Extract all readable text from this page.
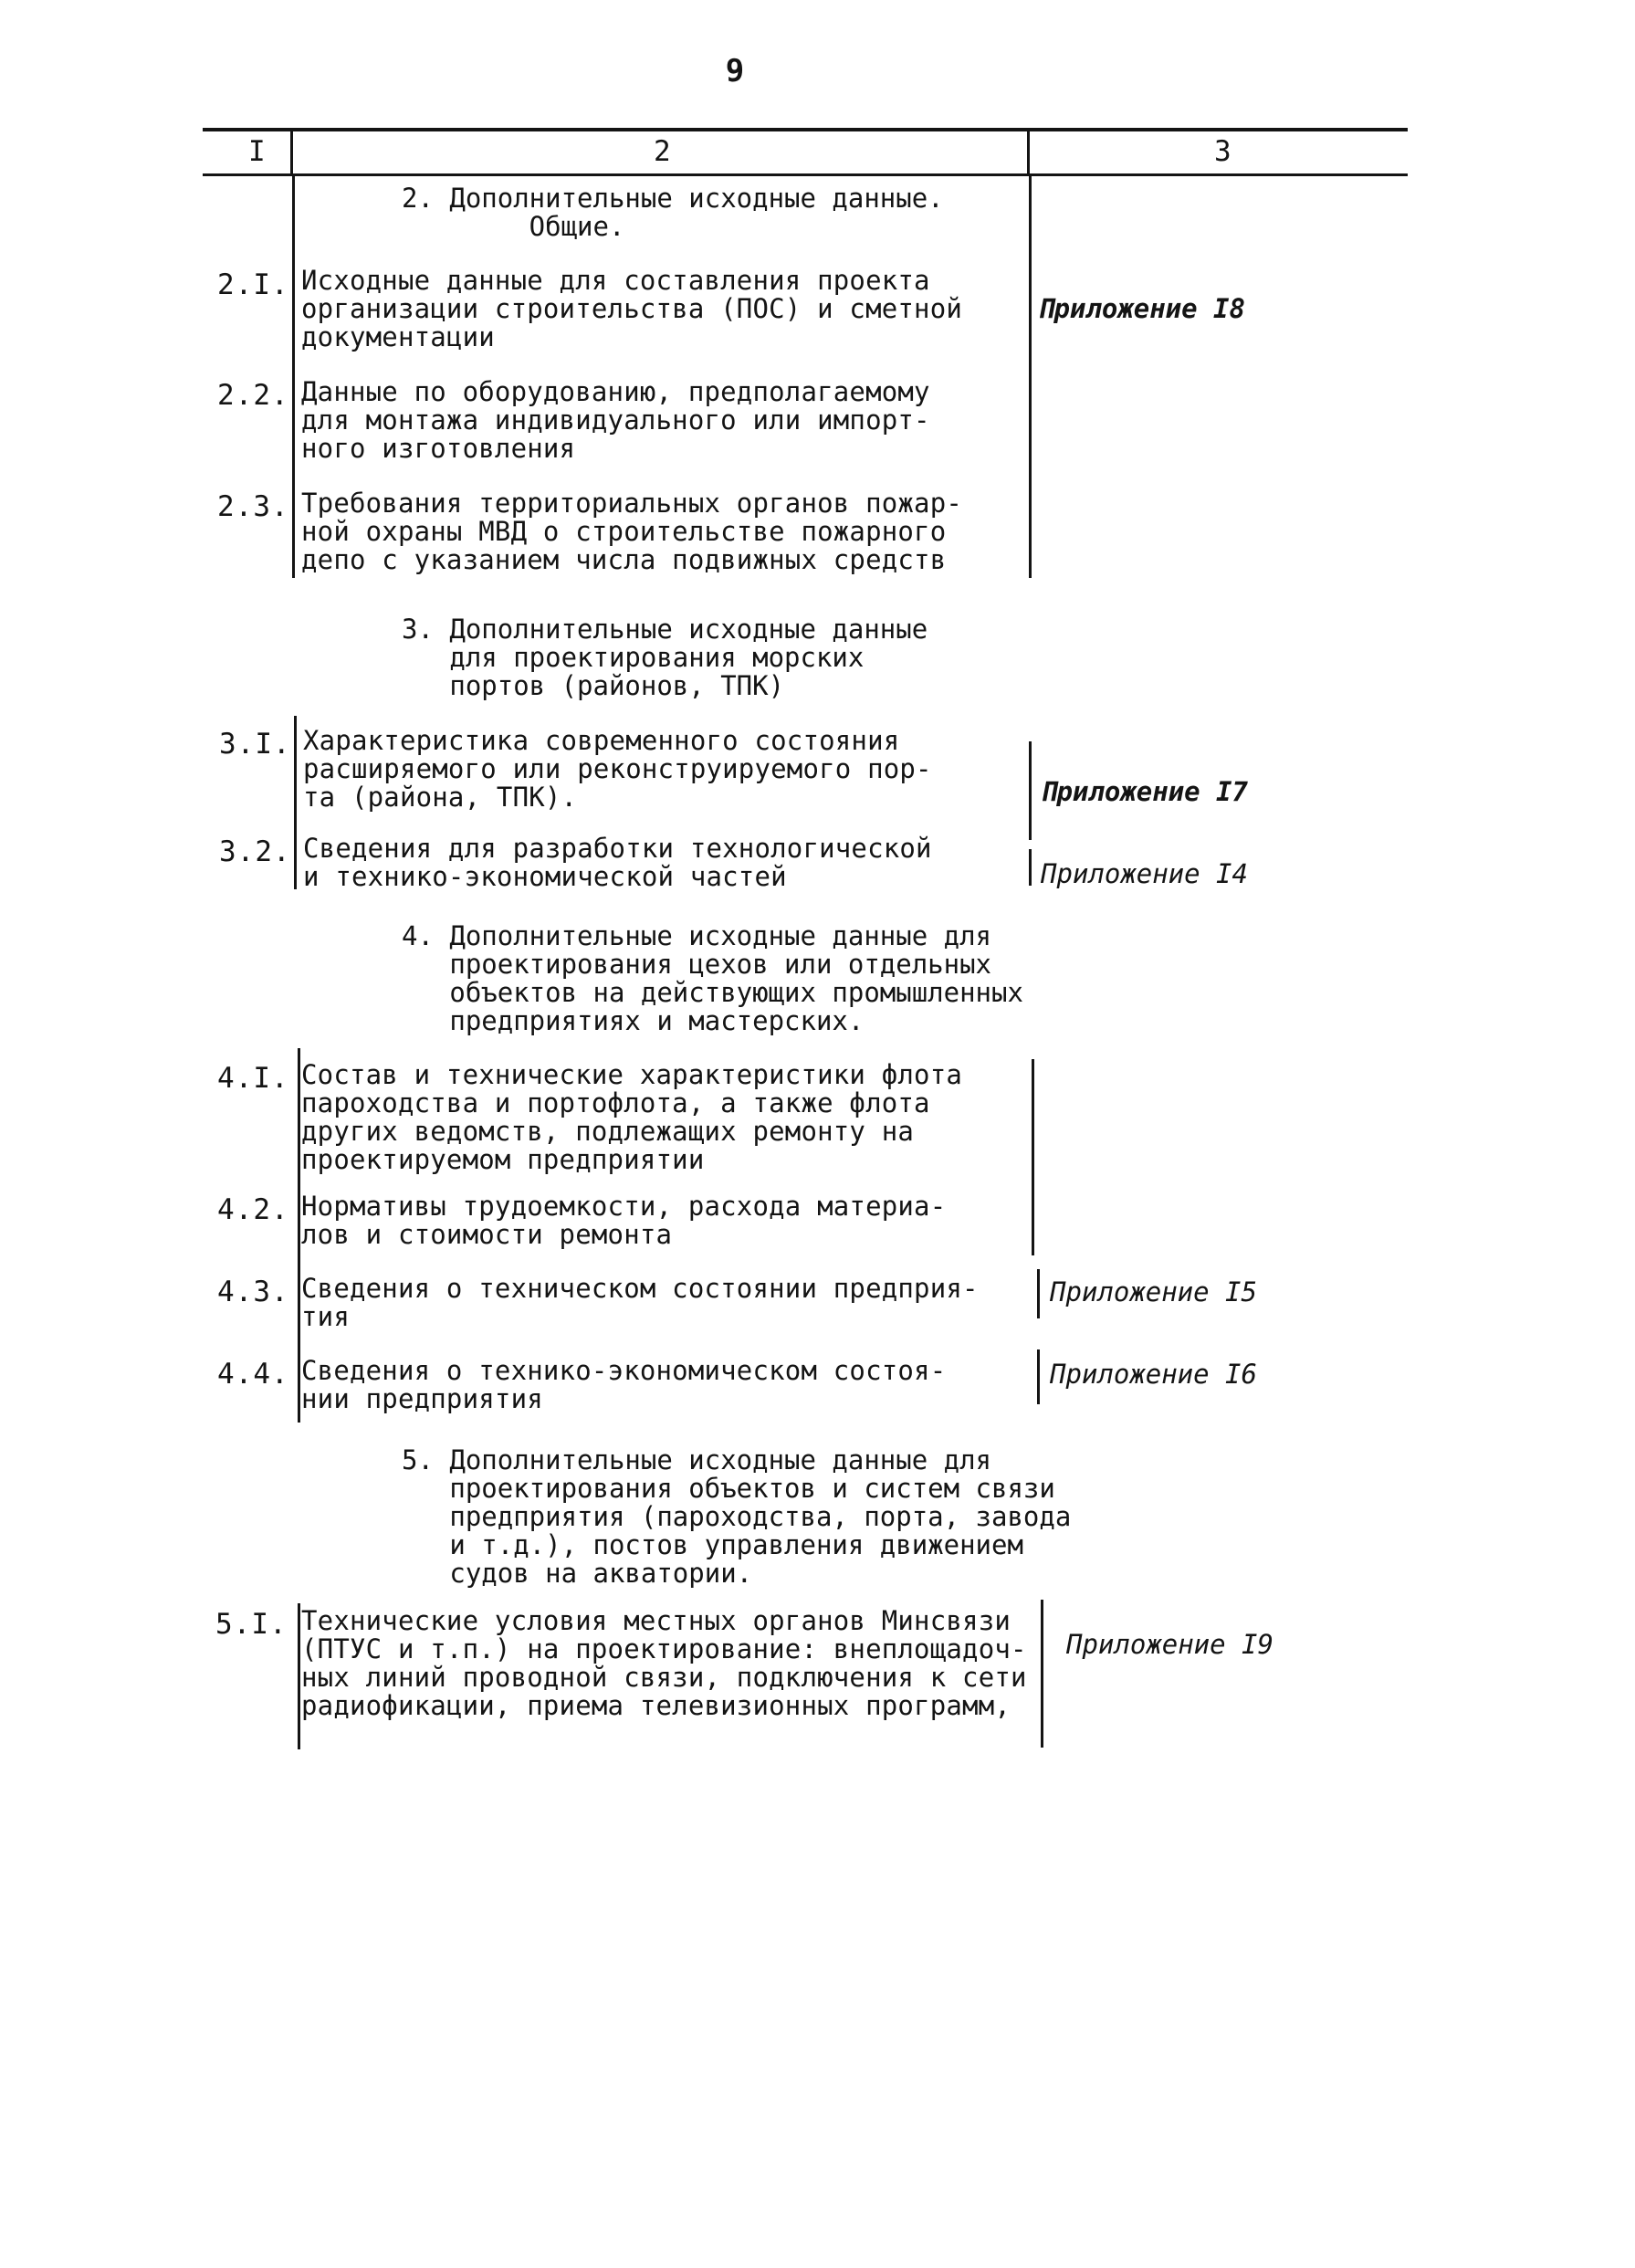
9
I	2	3
2. Дополнительные исходные данные.
Общие.
2.I. Исходные данные для составления проекта
организации строительства (ПОС) и сметной
документации
Приложение I8
2.2. Данные по оборудованию, предполагаемому
для монтажа индивидуального или импорт-
ного изготовления
2.3. Требования территориальных органов пожар-
ной охраны МВД о строительстве пожарного
депо с указанием числа подвижных средств
3. Дополнительные исходные данные
для проектирования морских
портов (районов, ТПК)
3.I. Характеристика современного состояния
расширяемого или реконструируемого пор-
та (района, ТПК).	Приложение I7
3.2. Сведения для разработки технологической
и технико-экономической частей	Приложение I4
4. Дополнительные исходные данные для
проектирования цехов или отдельных
объектов на действующих промышленных
предприятиях и мастерских.
4.I. Состав и технические характеристики флота
пароходства и портофлота, а также флота
других ведомств, подлежащих ремонту на
проектируемом предприятии
4.2. Нормативы трудоемкости, расхода материа-
лов и стоимости ремонта
4.3. Сведения о техническом состоянии предприя-
тия
Приложение I5
4.4. Сведения о технико-экономическом состоя-
нии предприятия
Приложение I6
5. Дополнительные исходные данные для
проектирования объектов и систем связи
предприятия (пароходства, порта, завода
и т.д.), постов управления движением
судов на акватории.
5.I. Технические условия местных органов Минсвязи
(ПТУС и т.п.) на проектирование: внеплощадоч-
ных линий проводной связи, подключения к сети
радиофикации, приема телевизионных программ,
Приложение I9
